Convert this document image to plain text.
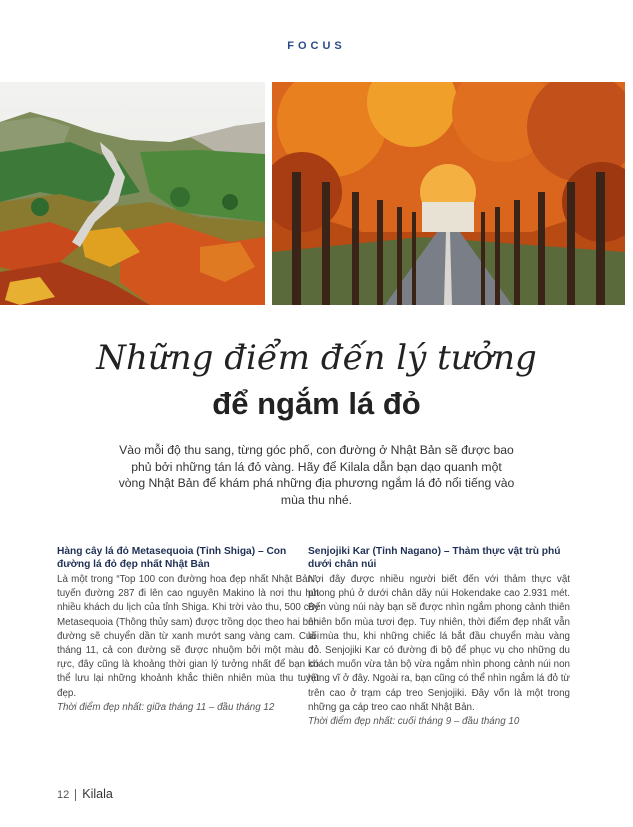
FOCUS
Những điểm đến lý tưởng
để ngắm lá đỏ
Vào mỗi độ thu sang, từng góc phố, con đường ở Nhật Bản sẽ được bao phủ bởi những tán lá đỏ vàng. Hãy để Kilala dẫn bạn dạo quanh một vòng Nhật Bản để khám phá những địa phương ngắm lá đỏ nổi tiếng vào mùa thu nhé.
Hàng cây lá đỏ Metasequoia (Tỉnh Shiga) – Con đường lá đỏ đẹp nhất Nhật Bản

Là một trong “Top 100 con đường hoa đẹp nhất Nhật Bản”, tuyến đường 287 đi lên cao nguyên Makino là nơi thu hút nhiều khách du lịch của tỉnh Shiga. Khi trời vào thu, 500 cây Metasequoia (Thông thủy sam) được trồng dọc theo hai bên đường sẽ chuyển dần từ xanh mướt sang vàng cam. Cuối tháng 11, cả con đường sẽ được nhuộm bởi một màu đỏ rực, đây cũng là khoảng thời gian lý tưởng nhất để bạn có thể lưu lại những khoảnh khắc thiên nhiên mùa thu tuyệt đẹp.

Thời điểm đẹp nhất: giữa tháng 11 – đầu tháng 12

Senjojiki Kar (Tỉnh Nagano) – Thảm thực vật trù phú dưới chân núi

Nơi đây được nhiều người biết đến với thảm thực vật phong phú ở dưới chân dãy núi Hokendake cao 2.931 mét. Đến vùng núi này bạn sẽ được nhìn ngắm phong cảnh thiên nhiên bốn mùa tươi đẹp. Tuy nhiên, thời điểm đẹp nhất vẫn là mùa thu, khi những chiếc lá bắt đầu chuyển màu vàng đỏ. Senjojiki Kar có đường đi bộ để phục vụ cho những du khách muốn vừa tản bộ vừa ngắm nhìn phong cảnh núi non hùng vĩ ở đây. Ngoài ra, bạn cũng có thể nhìn ngắm lá đỏ từ trên cao ở trạm cáp treo Senjojiki. Đây vốn là một trong những ga cáp treo cao nhất Nhật Bản.

Thời điểm đẹp nhất: cuối tháng 9 – đầu tháng 10

12 Kilala
